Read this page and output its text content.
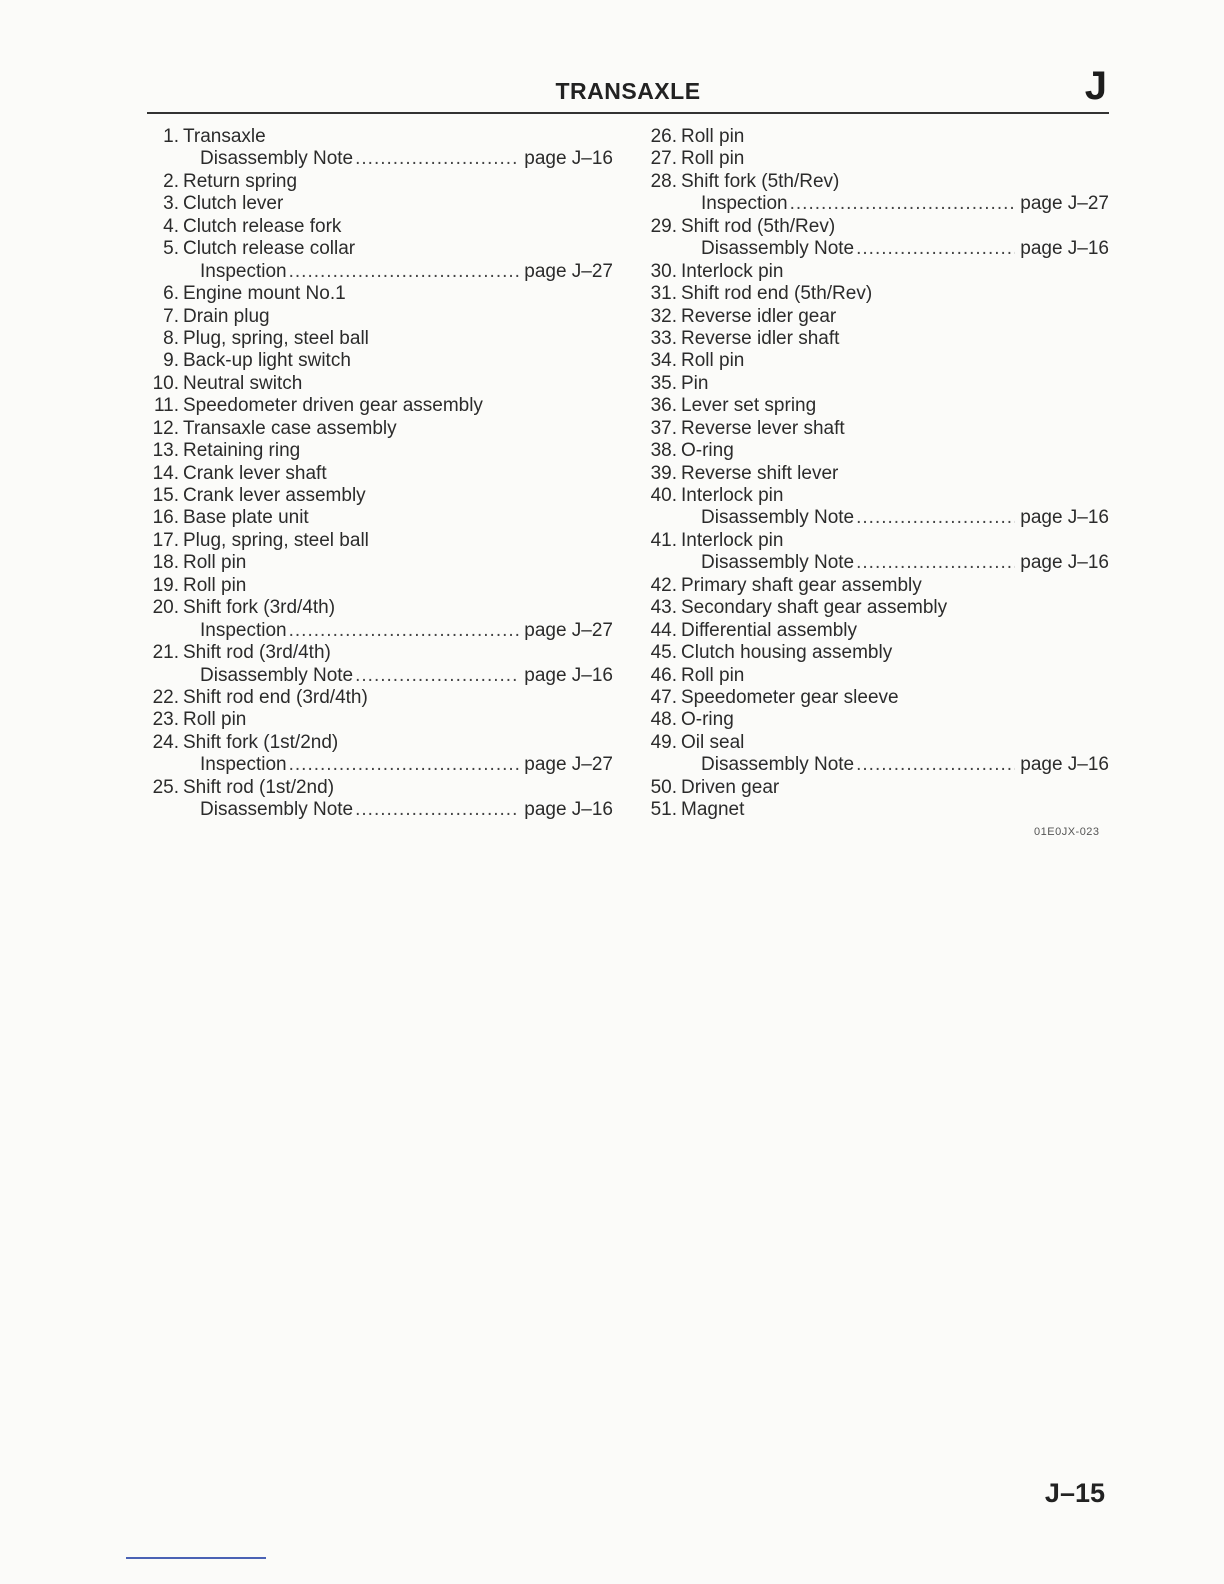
TRANSAXLE	J
1. Transaxle
Disassembly Note .....	page J–16
2. Return spring
3. Clutch lever
4. Clutch release fork
5. Clutch release collar
Inspection .....	page J–27
6. Engine mount No.1
7. Drain plug
8. Plug, spring, steel ball
9. Back-up light switch
10. Neutral switch
11. Speedometer driven gear assembly
12. Transaxle case assembly
13. Retaining ring
14. Crank lever shaft
15. Crank lever assembly
16. Base plate unit
17. Plug, spring, steel ball
18. Roll pin
19. Roll pin
20. Shift fork (3rd/4th)
Inspection .....	page J–27
21. Shift rod (3rd/4th)
Disassembly Note .....	page J–16
22. Shift rod end (3rd/4th)
23. Roll pin
24. Shift fork (1st/2nd)
Inspection .....	page J–27
25. Shift rod (1st/2nd)
Disassembly Note .....	page J–16
26. Roll pin
27. Roll pin
28. Shift fork (5th/Rev)
Inspection .....	page J–27
29. Shift rod (5th/Rev)
Disassembly Note .....	page J–16
30. Interlock pin
31. Shift rod end (5th/Rev)
32. Reverse idler gear
33. Reverse idler shaft
34. Roll pin
35. Pin
36. Lever set spring
37. Reverse lever shaft
38. O-ring
39. Reverse shift lever
40. Interlock pin
Disassembly Note .....	page J–16
41. Interlock pin
Disassembly Note .....	page J–16
42. Primary shaft gear assembly
43. Secondary shaft gear assembly
44. Differential assembly
45. Clutch housing assembly
46. Roll pin
47. Speedometer gear sleeve
48. O-ring
49. Oil seal
Disassembly Note .....	page J–16
50. Driven gear
51. Magnet
01E0JX-023
J–15
